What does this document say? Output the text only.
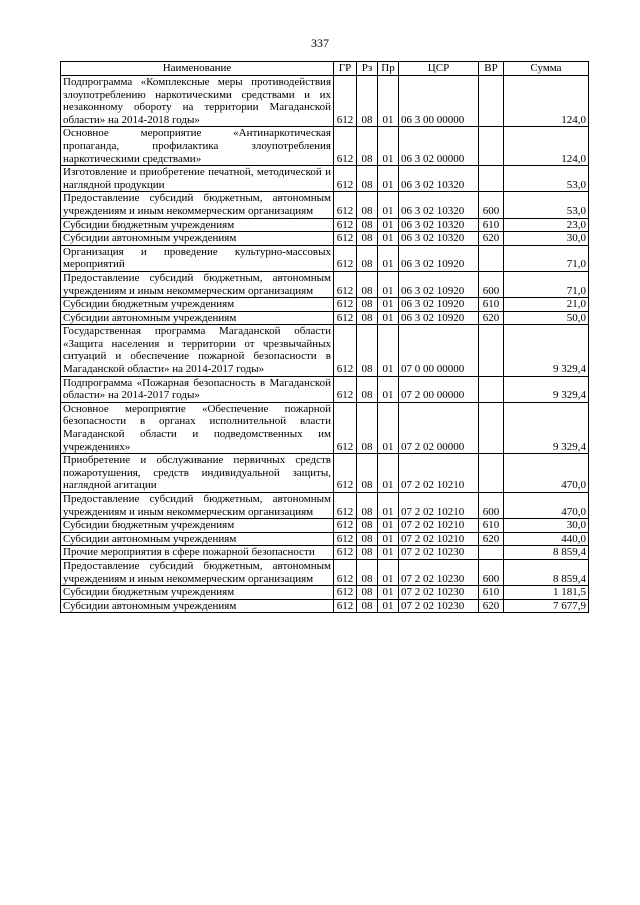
337
Наименование	ГР	Рз	Пр	ЦСР	ВР	Сумма
Подпрограмма «Комплексные меры противодействия злоупотреблению наркотическими средствами и их незаконному обороту на территории Магаданской области» на 2014-2018 годы»	612	08	01	06 3 00 00000		124,0
Основное мероприятие «Антинаркотическая пропаганда, профилактика злоупотребления наркотическими средствами»	612	08	01	06 3 02 00000		124,0
Изготовление и приобретение печатной, методической и наглядной продукции	612	08	01	06 3 02 10320		53,0
Предоставление субсидий бюджетным, автономным учреждениям и иным некоммерческим организациям	612	08	01	06 3 02 10320	600	53,0
Субсидии бюджетным учреждениям	612	08	01	06 3 02 10320	610	23,0
Субсидии автономным учреждениям	612	08	01	06 3 02 10320	620	30,0
Организация и проведение культурно-массовых мероприятий	612	08	01	06 3 02 10920		71,0
Предоставление субсидий бюджетным, автономным учреждениям и иным некоммерческим организациям	612	08	01	06 3 02 10920	600	71,0
Субсидии бюджетным учреждениям	612	08	01	06 3 02 10920	610	21,0
Субсидии автономным учреждениям	612	08	01	06 3 02 10920	620	50,0
Государственная программа Магаданской области «Защита населения и территории от чрезвычайных ситуаций и обеспечение пожарной безопасности в Магаданской области» на 2014-2017 годы»	612	08	01	07 0 00 00000		9 329,4
Подпрограмма «Пожарная безопасность в Магаданской области» на 2014-2017 годы»	612	08	01	07 2 00 00000		9 329,4
Основное мероприятие «Обеспечение пожарной безопасности в органах исполнительной власти Магаданской области и подведомственных им учреждениях»	612	08	01	07 2 02 00000		9 329,4
Приобретение и обслуживание первичных средств пожаротушения, средств индивидуальной защиты, наглядной агитации	612	08	01	07 2 02 10210		470,0
Предоставление субсидий бюджетным, автономным учреждениям и иным некоммерческим организациям	612	08	01	07 2 02 10210	600	470,0
Субсидии бюджетным учреждениям	612	08	01	07 2 02 10210	610	30,0
Субсидии автономным учреждениям	612	08	01	07 2 02 10210	620	440,0
Прочие мероприятия в сфере пожарной безопасности	612	08	01	07 2 02 10230		8 859,4
Предоставление субсидий бюджетным, автономным учреждениям и иным некоммерческим организациям	612	08	01	07 2 02 10230	600	8 859,4
Субсидии бюджетным учреждениям	612	08	01	07 2 02 10230	610	1 181,5
Субсидии автономным учреждениям	612	08	01	07 2 02 10230	620	7 677,9
